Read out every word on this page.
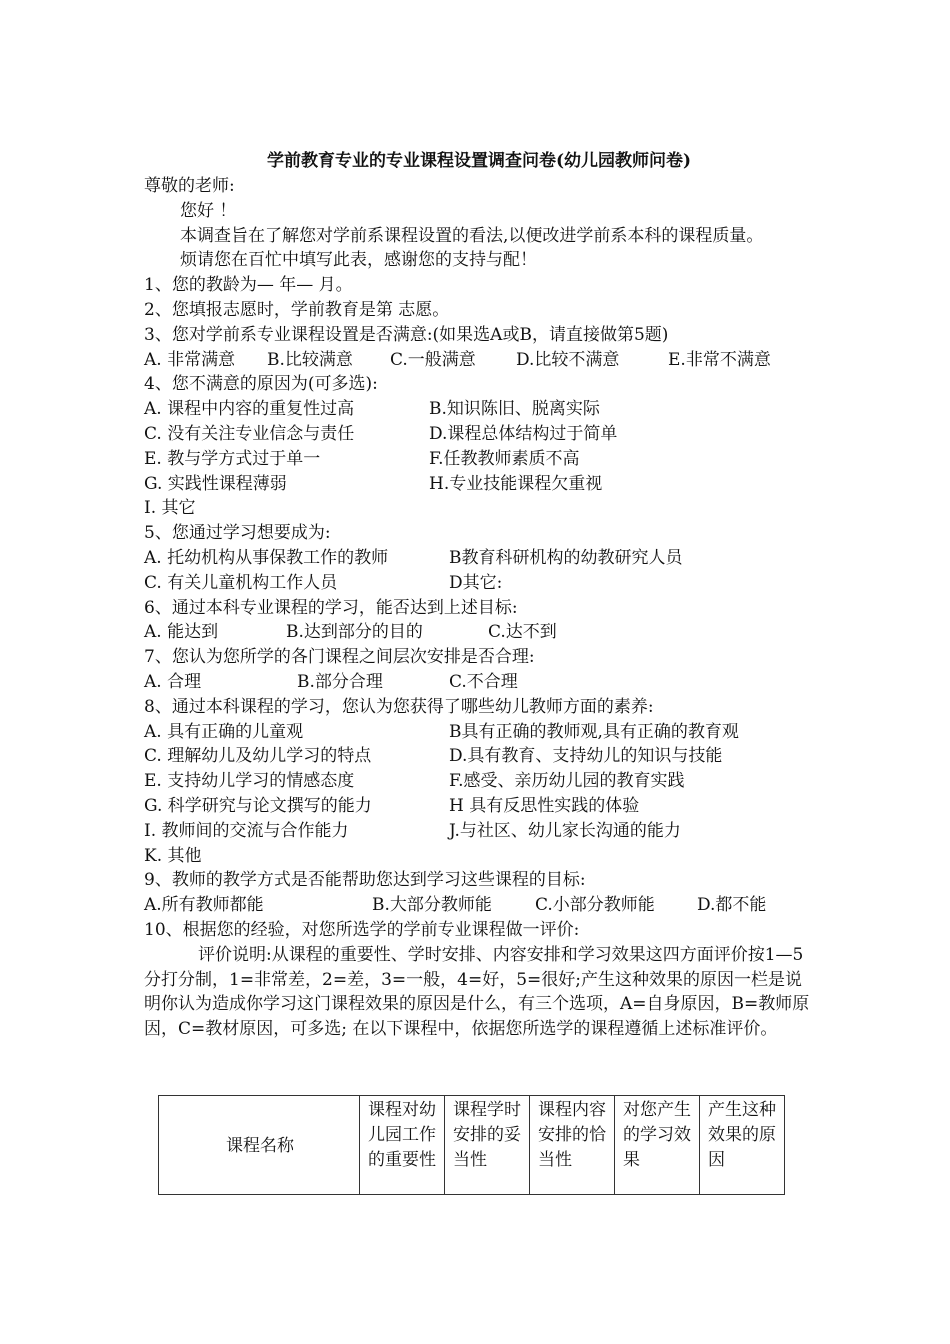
学前教育专业的专业课程设置调查问卷(幼儿园教师问卷)
尊敬的老师:
您好 ！
本调查旨在了解您对学前系课程设置的看法,以便改进学前系本科的课程质量。
烦请您在百忙中填写此表，感谢您的支持与配！
1、您的教龄为— 年— 月。
2、您填报志愿时，学前教育是第 志愿。
3、您对学前系专业课程设置是否满意:(如果选A或B，请直接做第5题)
A. 非常满意	B.比较满意	C.一般满意	D.比较不满意	E.非常不满意
4、您不满意的原因为(可多选):
A. 课程中内容的重复性过高	B.知识陈旧、脱离实际
C. 没有关注专业信念与责任	D.课程总体结构过于简单
E. 教与学方式过于单一	F.任教教师素质不高
G. 实践性课程薄弱	H.专业技能课程欠重视
I. 其它
5、您通过学习想要成为:
A. 托幼机构从事保教工作的教师	B教育科研机构的幼教研究人员
C. 有关儿童机构工作人员	D其它:
6、通过本科专业课程的学习，能否达到上述目标:
A. 能达到	B.达到部分的目的	C.达不到
7、您认为您所学的各门课程之间层次安排是否合理:
A. 合理	B.部分合理	C.不合理
8、通过本科课程的学习，您认为您获得了哪些幼儿教师方面的素养:
A. 具有正确的儿童观	B具有正确的教师观,具有正确的教育观
C. 理解幼儿及幼儿学习的特点	D.具有教育、支持幼儿的知识与技能
E. 支持幼儿学习的情感态度	F.感受、亲历幼儿园的教育实践
G. 科学研究与论文撰写的能力	H 具有反思性实践的体验
I. 教师间的交流与合作能力	J.与社区、幼儿家长沟通的能力
K. 其他
9、教师的教学方式是否能帮助您达到学习这些课程的目标:
A.所有教师都能	B.大部分教师能	C.小部分教师能	D.都不能
10、根据您的经验，对您所选学的学前专业课程做一评价:
评价说明:从课程的重要性、学时安排、内容安排和学习效果这四方面评价按1—5分打分制，1=非常差，2=差，3=一般，4=好，5=很好;产生这种效果的原因一栏是说明你认为造成你学习这门课程效果的原因是什么，有三个选项，A=自身原因，B=教师原因，C=教材原因，可多选; 在以下课程中，依据您所选学的课程遵循上述标准评价。
课程名称	课程对幼儿园工作的重要性	课程学时安排的妥 当性	课程内容安排的恰当性	对您产生的学习效果	产生这种效果的原因
